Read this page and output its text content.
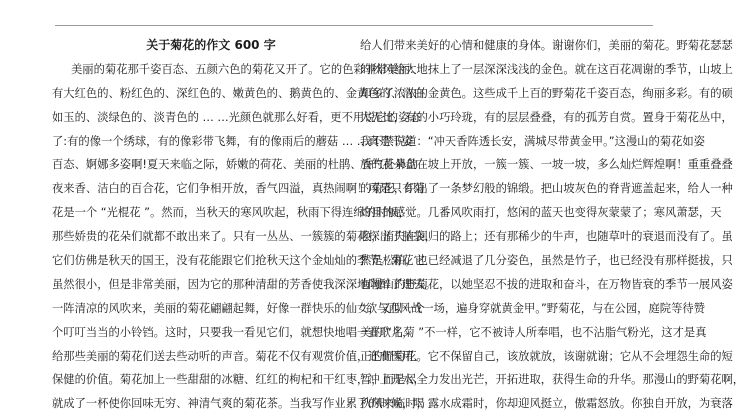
关于菊花的作文 600 字
美丽的菊花那千姿百态、五颜六色的菊花又开了。它的色彩非常美丽:
有大红色的、粉红色的、深红色的、嫩黄色的、鹅黄色的、金黄色的、洁白
如玉的、淡绿色的、淡青色的 … …光颜色就那么好看，更不用说它的姿态
了:有的像一个绣球，有的像彩带飞舞，有的像雨后的蘑菇 … …真是千姿
百态、婀娜多姿啊!夏天来临之际，娇嫩的荷花、美丽的杜鹃、香气扑鼻的
夜来香、洁白的百合花，它们争相开放，香气四溢，真热闹啊！可是只有菊
花是一个 “光棍花 ”。然而，当秋天的寒风吹起，秋雨下得连绵的时候，
那些娇贵的花朵们就都不敢出来了。只有一丛丛、一簇簇的菊花探出了脑袋，
它们仿佛是秋天的国王，没有花能跟它们抢秋天这个金灿灿的季节。菊花它
虽然很小，但是非常美丽，因为它的那种清甜的芳香使我深深地陶醉了进去。
一阵清凉的风吹来，美丽的菊花翩翩起舞，好像一群快乐的仙女，又似一个
个叮叮当当的小铃铛。这时，只要我一看见它们，就想快地唱一首歌儿，
给那些美丽的菊花们送去些动听的声音。菊花不仅有观赏价值，还有医用、
保健的价值。菊花加上一些甜甜的冰糖、红红的枸杞和干红枣，冲上开水，
就成了一杯使你回味无穷、神清气爽的菊花茶。当我写作业累了的时候，喝
给人们带来美好的心情和健康的身体。谢谢你们，美丽的菊花。野菊花瑟瑟
的秋风给大地抹上了一层深深浅浅的金色。就在这百花凋谢的季节，山坡上
却多了浓浓的金黄色。这些成千上百的野菊花千姿百态，绚丽多彩。有的硕
大无比，有的小巧玲珑，有的层层叠叠，有的孤芳自赏。置身于菊花丛中，
我不禁说道：“冲天香阵透长安，满城尽带黄金甲。”这漫山的菊花如姿
放的花朵盘在坡上开放，一簇一簇、一坡一坡，多么灿烂辉煌啊！重重叠叠
的菊花，织出了一条梦幻般的锦缎。把山坡灰色的脊背遮盖起来，给人一种
灼目的感觉。几番风吹雨打，悠闲的蓝天也变得灰蒙蒙了；寒风萧瑟，天
唤，消失在回归的路上；还有那稀少的牛声，也随草叶的衰退而没有了。虽
然是松柏，也已经减退了几分姿色，虽然是竹子，也已经没有那样挺拔，只
有漫山的野菊花，以她坚忍不拔的进取和奋斗，在万物皆衰的季节一展风姿
“欲与西风战一场，遍身穿就黄金甲。”野菊花，与在公园，庭院等待赞
美的 “名菊 ”不一样，它不被诗人所奉唱，也不沾脂气粉光，这才是真
正的野菊花。它不保留自己，该放就放，该谢就谢；它从不会埋怨生命的短
暂，而是尽全力发出光芒，开拓进取，获得生命的升华。那漫山的野菊花啊，
秋风来临时，露水成霜时，你却迎风挺立，傲霜怒放。你独自开放，为衰落
